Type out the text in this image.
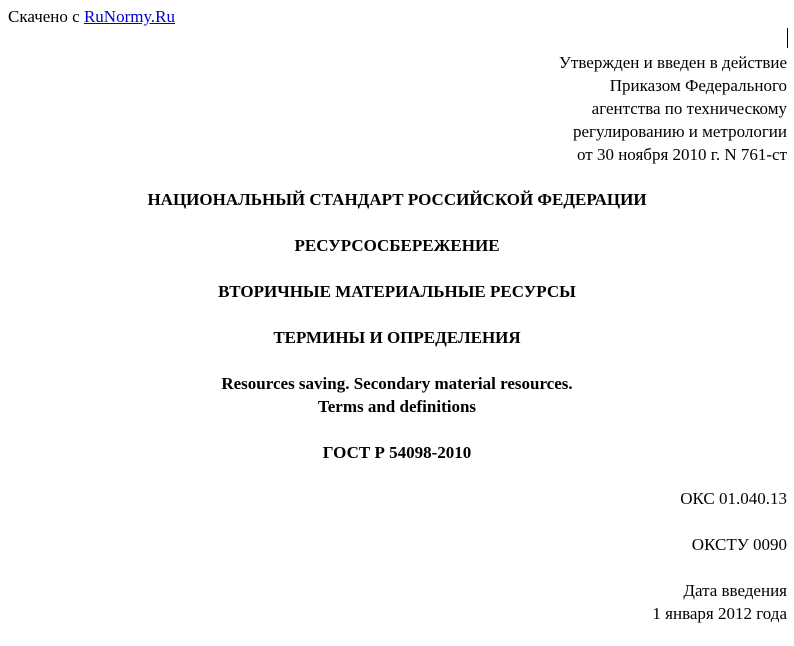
Скачено с RuNormy.Ru
Утвержден и введен в действие
Приказом Федерального
агентства по техническому
регулированию и метрологии
от 30 ноября 2010 г. N 761-ст
НАЦИОНАЛЬНЫЙ СТАНДАРТ РОССИЙСКОЙ ФЕДЕРАЦИИ
РЕСУРСОСБЕРЕЖЕНИЕ
ВТОРИЧНЫЕ МАТЕРИАЛЬНЫЕ РЕСУРСЫ
ТЕРМИНЫ И ОПРЕДЕЛЕНИЯ
Resources saving. Secondary material resources.
Terms and definitions
ГОСТ Р 54098-2010
ОКС 01.040.13
ОКСТУ 0090
Дата введения
1 января 2012 года
